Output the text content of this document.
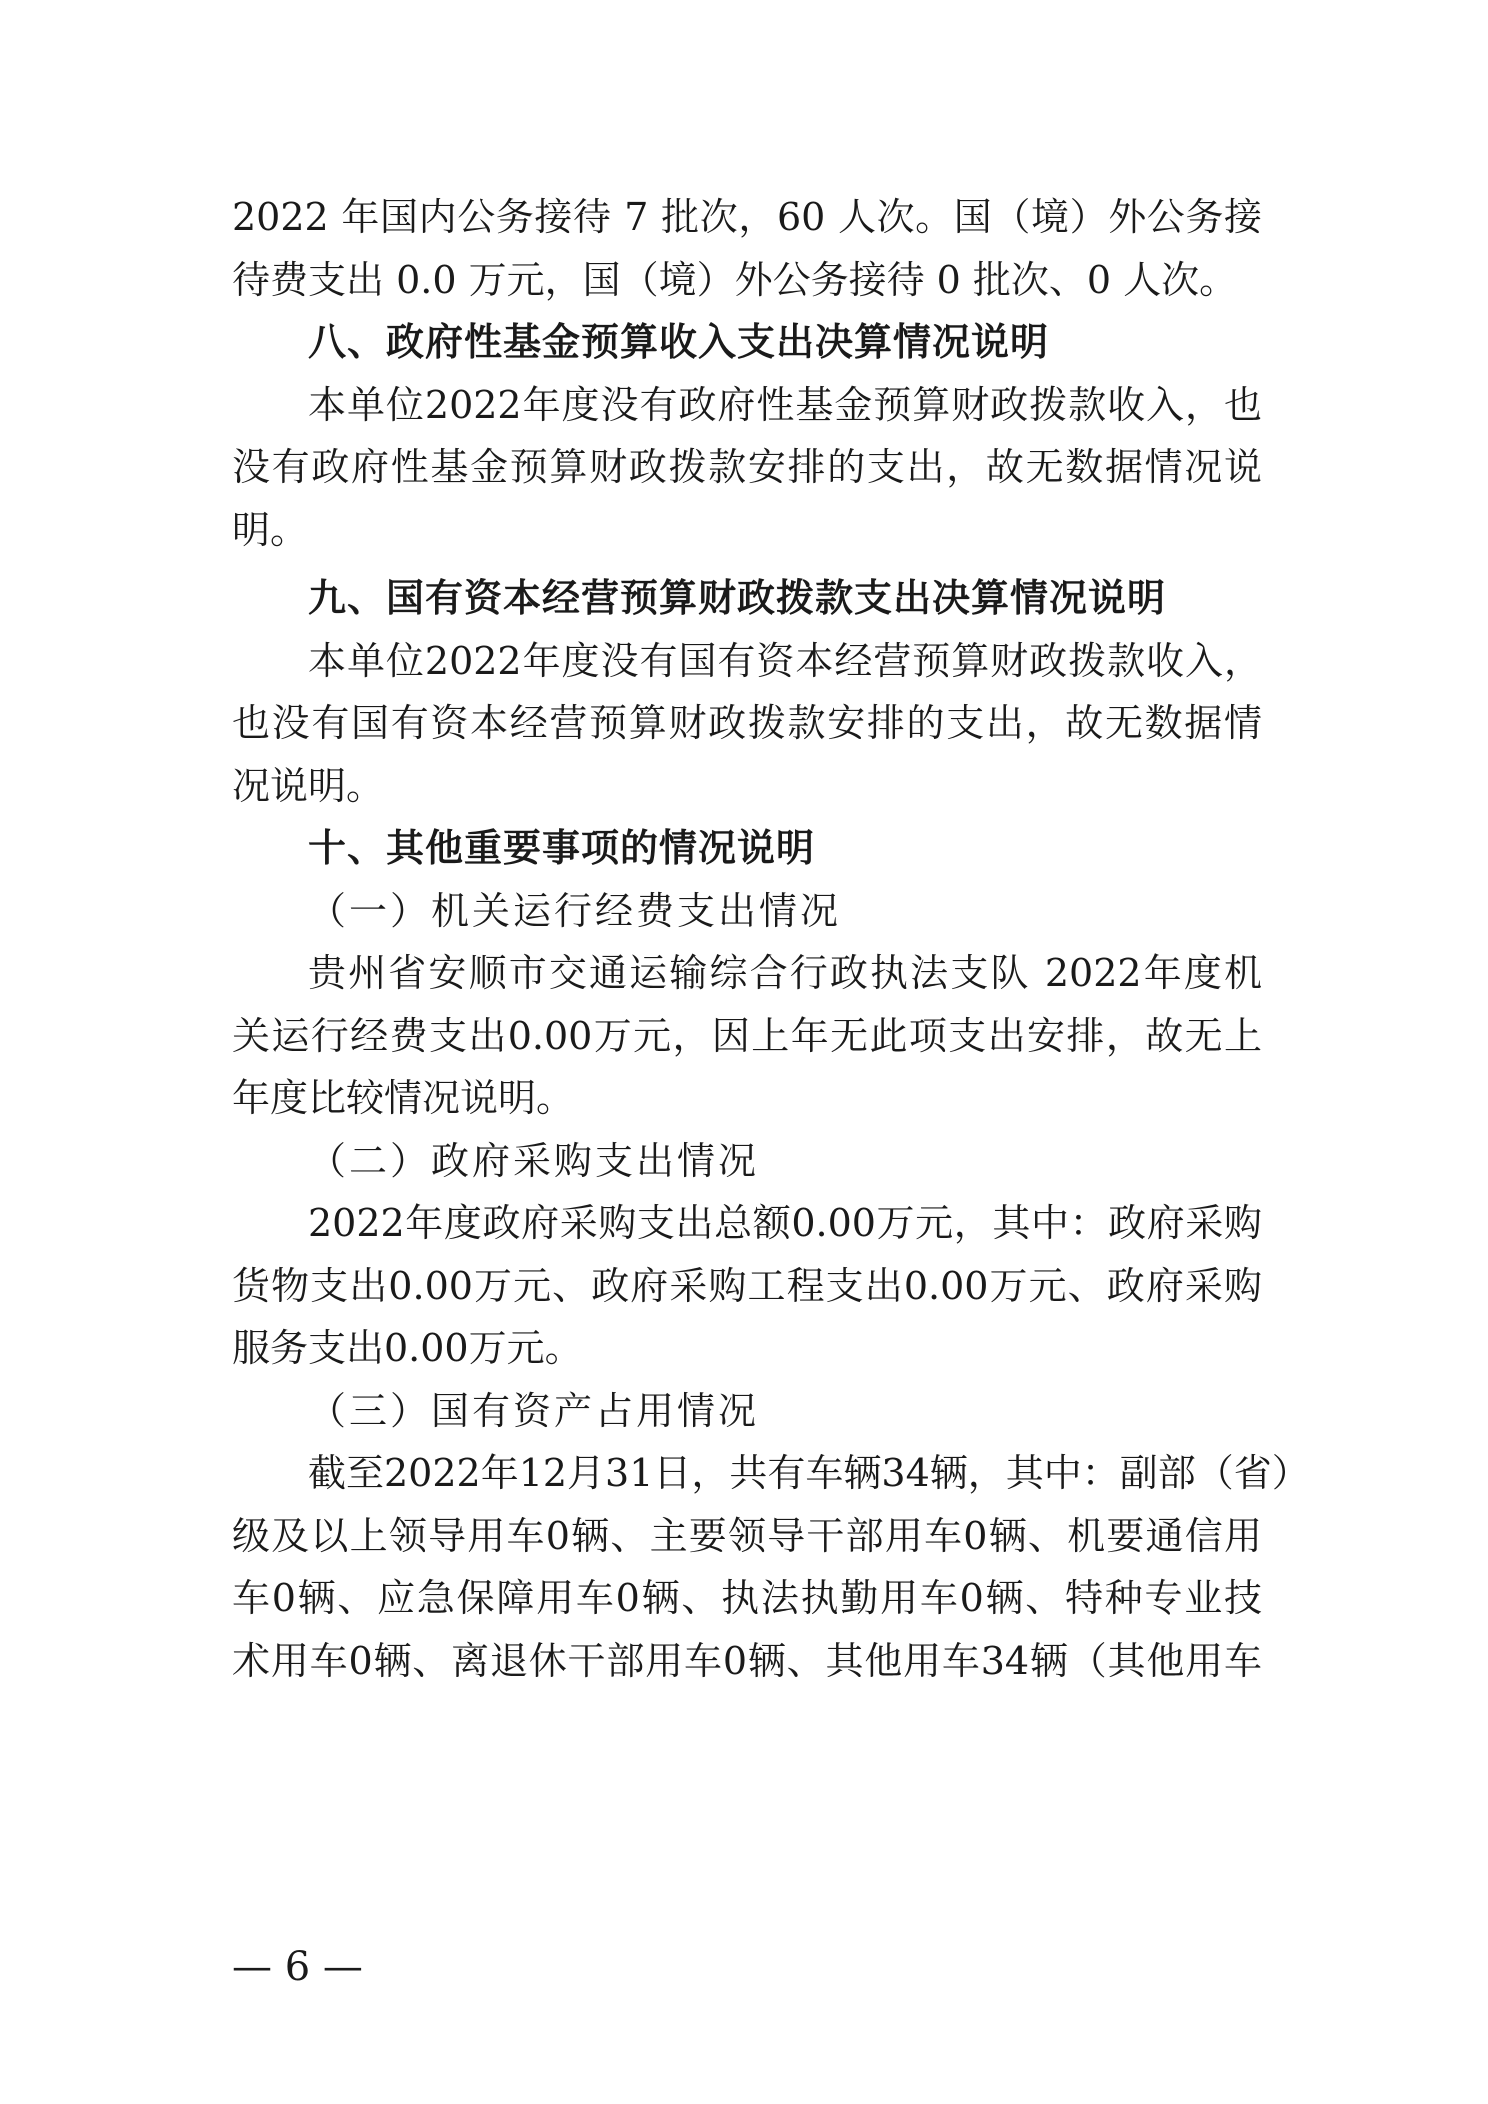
2022 年国内公务接待 7 批次，60 人次。国（境）外公务接
待费支出 0.0 万元，国（境）外公务接待 0 批次、0 人次。
八、政府性基金预算收入支出决算情况说明
本单位2022年度没有政府性基金预算财政拨款收入，也
没有政府性基金预算财政拨款安排的支出，故无数据情况说
明。
九、国有资本经营预算财政拨款支出决算情况说明
本单位2022年度没有国有资本经营预算财政拨款收入，
也没有国有资本经营预算财政拨款安排的支出，故无数据情
况说明。
十、其他重要事项的情况说明
（一）机关运行经费支出情况
贵州省安顺市交通运输综合行政执法支队 2022年度机
关运行经费支出0.00万元，因上年无此项支出安排，故无上
年度比较情况说明。
（二）政府采购支出情况
2022年度政府采购支出总额0.00万元，其中：政府采购
货物支出0.00万元、政府采购工程支出0.00万元、政府采购
服务支出0.00万元。
（三）国有资产占用情况
截至2022年12月31日，共有车辆34辆，其中：副部（省）
级及以上领导用车0辆、主要领导干部用车0辆、机要通信用
车0辆、应急保障用车0辆、执法执勤用车0辆、特种专业技
术用车0辆、离退休干部用车0辆、其他用车34辆（其他用车
— 6 —
